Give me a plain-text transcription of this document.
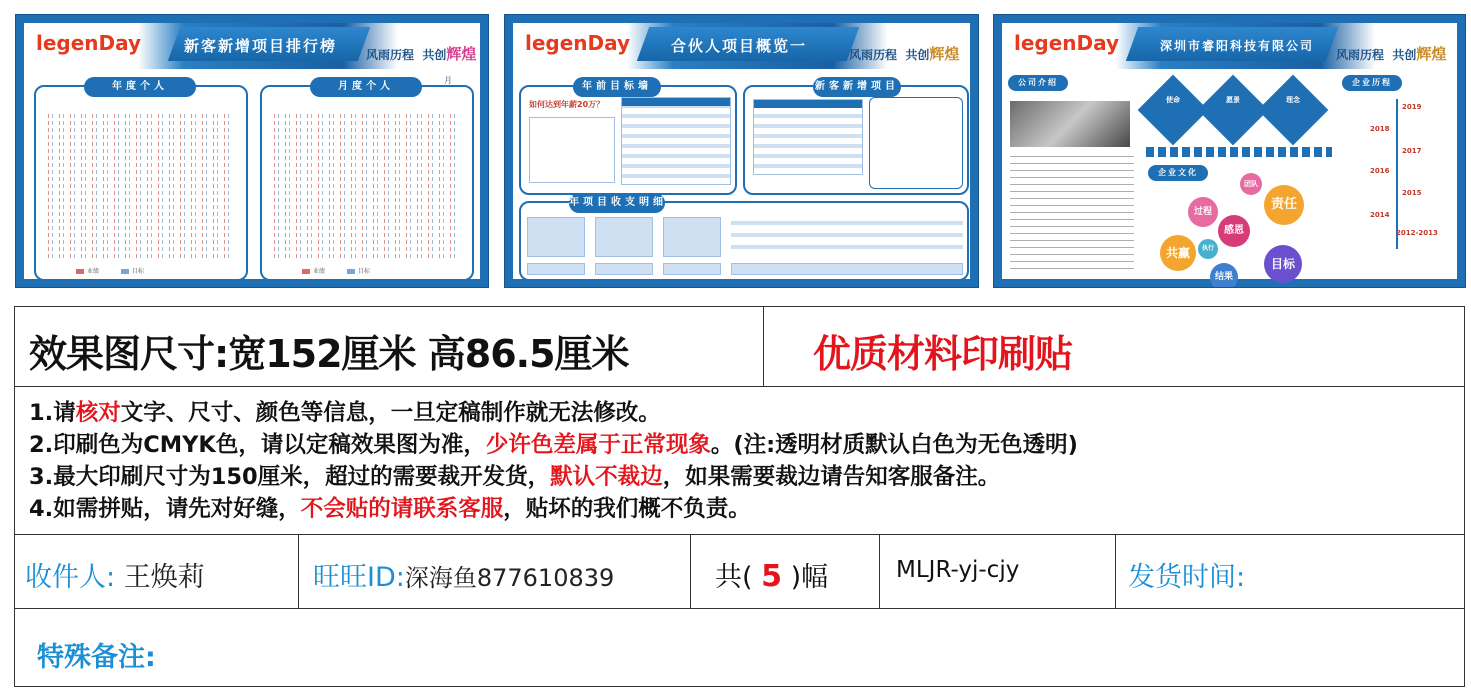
legenDay	新客新增项目排行榜 风雨历程 共创辉煌
业绩	目标
年度个人
业绩	目标
月度个人
月
legenDay	合伙人项目概览一	风雨历程 共创辉煌
如何达到年薪20万？
年前目标墙	新客新增项目
年项目收支明细
legenDay	深圳市睿阳科技有限公司
风雨历程 共创辉煌
公司介绍
使命	愿景	理念
企业文化
团队
责任
过程
感恩
共赢	执行
结果
目标
企业历程
2019
2018
2017
2016
2015
2014
2012-2013
效果图尺寸:宽152厘米 高86.5厘米	优质材料印刷贴
1.请核对文字、尺寸、颜色等信息，一旦定稿制作就无法修改。
2.印刷色为CMYK色，请以定稿效果图为准，少许色差属于正常现象。(注:透明材质默认白色为无色透明)
3.最大印刷尺寸为150厘米，超过的需要裁开发货，默认不裁边，如果需要裁边请告知客服备注。
4.如需拼贴，请先对好缝，不会贴的请联系客服，贴坏的我们概不负责。
收件人: 王焕莉	旺旺ID:深海鱼877610839	共( 5 )幅	MLJR-yj-cjy	发货时间:
特殊备注:
